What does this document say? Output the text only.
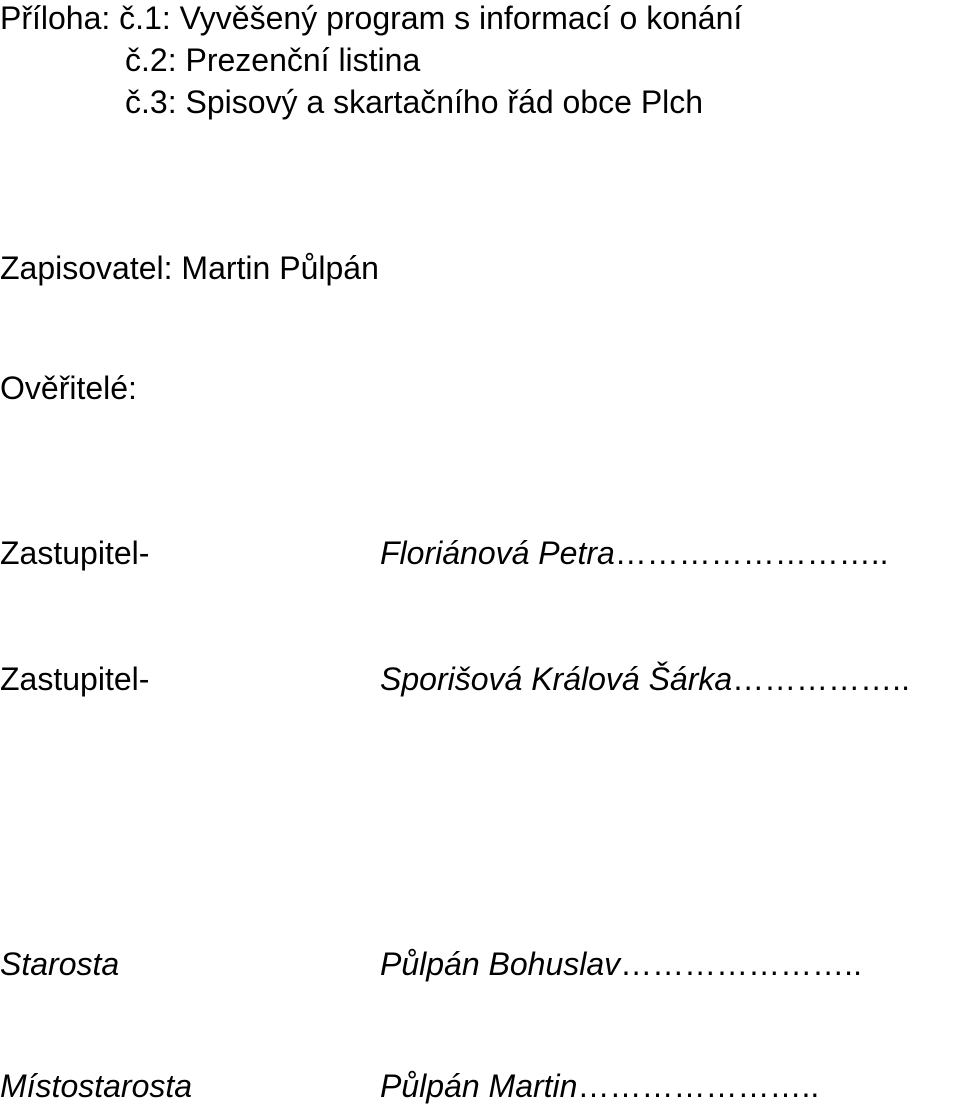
Příloha: č.1: Vyvěšený program s informací o konání
č.2: Prezenční listina
č.3: Spisový a skartačního řád obce Plch
Zapisovatel: Martin Půlpán
Ověřitelé:
Zastupitel-	Floriánová Petra……………………..
Zastupitel-	Sporišová Králová Šárka……………..
Starosta	Půlpán Bohuslav…………………..
Místostarosta	Půlpán Martin…………………..
